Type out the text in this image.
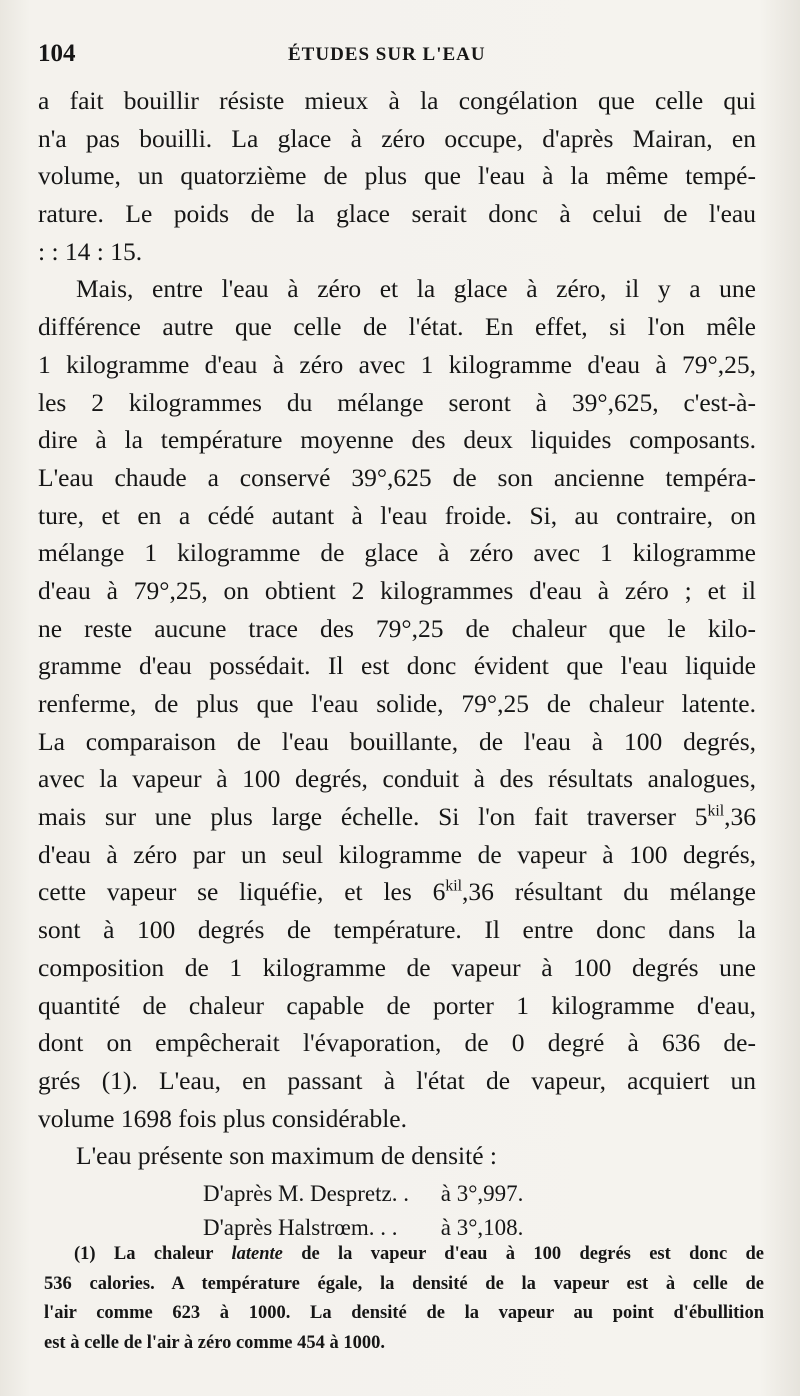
104	ÉTUDES SUR L'EAU
a fait bouillir résiste mieux à la congélation que celle qui
n'a pas bouilli. La glace à zéro occupe, d'après Mairan, en
volume, un quatorzième de plus que l'eau à la même tempé-
rature. Le poids de la glace serait donc à celui de l'eau
: : 14 : 15.
Mais, entre l'eau à zéro et la glace à zéro, il y a une
différence autre que celle de l'état. En effet, si l'on mêle
1 kilogramme d'eau à zéro avec 1 kilogramme d'eau à 79°,25,
les 2 kilogrammes du mélange seront à 39°,625, c'est-à-
dire à la température moyenne des deux liquides composants.
L'eau chaude a conservé 39°,625 de son ancienne tempéra-
ture, et en a cédé autant à l'eau froide. Si, au contraire, on
mélange 1 kilogramme de glace à zéro avec 1 kilogramme
d'eau à 79°,25, on obtient 2 kilogrammes d'eau à zéro ; et il
ne reste aucune trace des 79°,25 de chaleur que le kilo-
gramme d'eau possédait. Il est donc évident que l'eau liquide
renferme, de plus que l'eau solide, 79°,25 de chaleur latente.
La comparaison de l'eau bouillante, de l'eau à 100 degrés,
avec la vapeur à 100 degrés, conduit à des résultats analogues,
mais sur une plus large échelle. Si l'on fait traverser $5^{kil},36$
d'eau à zéro par un seul kilogramme de vapeur à 100 degrés,
cette vapeur se liquéfie, et les $6^{kil},36$ résultant du mélange
sont à 100 degrés de température. Il entre donc dans la
composition de 1 kilogramme de vapeur à 100 degrés une
quantité de chaleur capable de porter 1 kilogramme d'eau,
dont on empêcherait l'évaporation, de 0 degré à 636 de-
grés (1). L'eau, en passant à l'état de vapeur, acquiert un
volume 1698 fois plus considérable.
L'eau présente son maximum de densité :
D'après M. Despretz. . à 3°,997.
D'après Halstrœm. . . à 3°,108.
(1) La chaleur latente de la vapeur d'eau à 100 degrés est donc de
536 calories. A température égale, la densité de la vapeur est à celle de
l'air comme 623 à 1000. La densité de la vapeur au point d'ébullition
est à celle de l'air à zéro comme 454 à 1000.
